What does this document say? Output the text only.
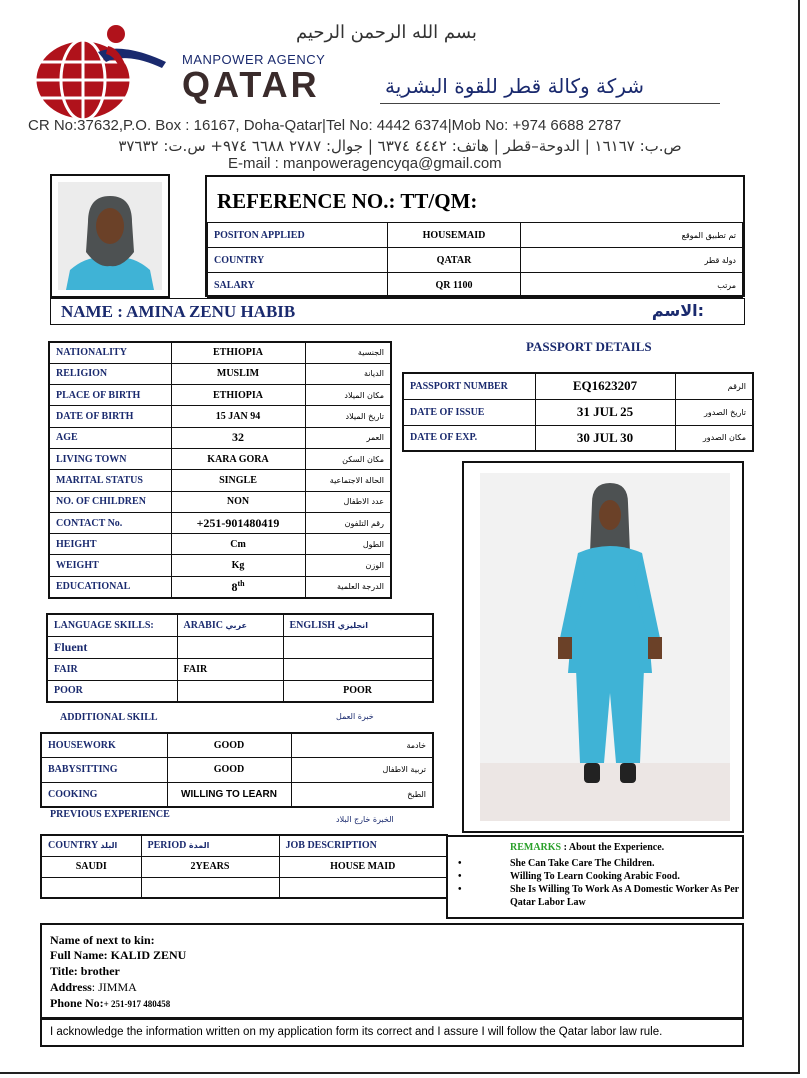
بسم الله الرحمن الرحيم
MANPOWER AGENCY
QATAR	شركة وكالة قطر للقوة البشرية
CR No:37632,P.O. Box : 16167, Doha-Qatar|Tel No: 4442 6374|Mob No: +974 6688 2787
ص.ب: ١٦١٦٧ | الدوحة–قطر | هاتف: ٤٤٤٢ ٦٣٧٤ | جوال: ٢٧٨٧ ٦٦٨٨ ٩٧٤+ س.ت: ٣٧٦٣٢
E-mail : manpoweragencyqa@gmail.com
REFERENCE NO.: TT/QM:
POSITON APPLIED	HOUSEMAID	تم تطبيق الموقع
COUNTRY	QATAR	دولة قطر
SALARY	QR 1100	مرتب
NAME : AMINA ZENU HABIB	الاسم:
NATIONALITY	ETHIOPIA	الجنسية
RELIGION	MUSLIM	الديانة
PLACE OF BIRTH	ETHIOPIA	مكان الميلاد
DATE OF BIRTH	15 JAN 94	تاريخ الميلاد
AGE	32	العمر
LIVING TOWN	KARA GORA	مكان السكن
MARITAL STATUS	SINGLE	الحالة الاجتماعية
NO. OF CHILDREN	NON	عدد الاطفال
CONTACT No.	+251-901480419	رقم التلفون
HEIGHT	Cm	الطول
WEIGHT	Kg	الوزن
EDUCATIONAL	8th	الدرجة العلمية
PASSPORT DETAILS
PASSPORT NUMBER	EQ1623207	الرقم
DATE OF ISSUE	31 JUL 25	تاريخ الصدور
DATE OF EXP.	30 JUL 30	مكان الصدور
LANGUAGE SKILLS:	ARABIC عربي	ENGLISH انجليزي
Fluent		
FAIR	FAIR	
POOR		POOR
ADDITIONAL SKILL	خبرة العمل
HOUSEWORK	GOOD	خادمة
BABYSITTING	GOOD	تربية الاطفال
COOKING	WILLING TO LEARN	الطبخ
PREVIOUS EXPERIENCE	الخبرة خارج البلاد
COUNTRY البلد	PERIOD المدة	JOB DESCRIPTION
SAUDI	2YEARS	HOUSE MAID

REMARKS : About the Experience.
• She Can Take Care The Children.
• Willing To Learn Cooking Arabic Food.
• She Is Willing To Work As A Domestic Worker As Per Qatar Labor Law
Name of next to kin:
Full Name: KALID ZENU
Title: brother
Address: JIMMA
Phone No:+ 251-917 480458
I acknowledge the information written on my application form its correct and I assure I will follow the Qatar labor law rule.
